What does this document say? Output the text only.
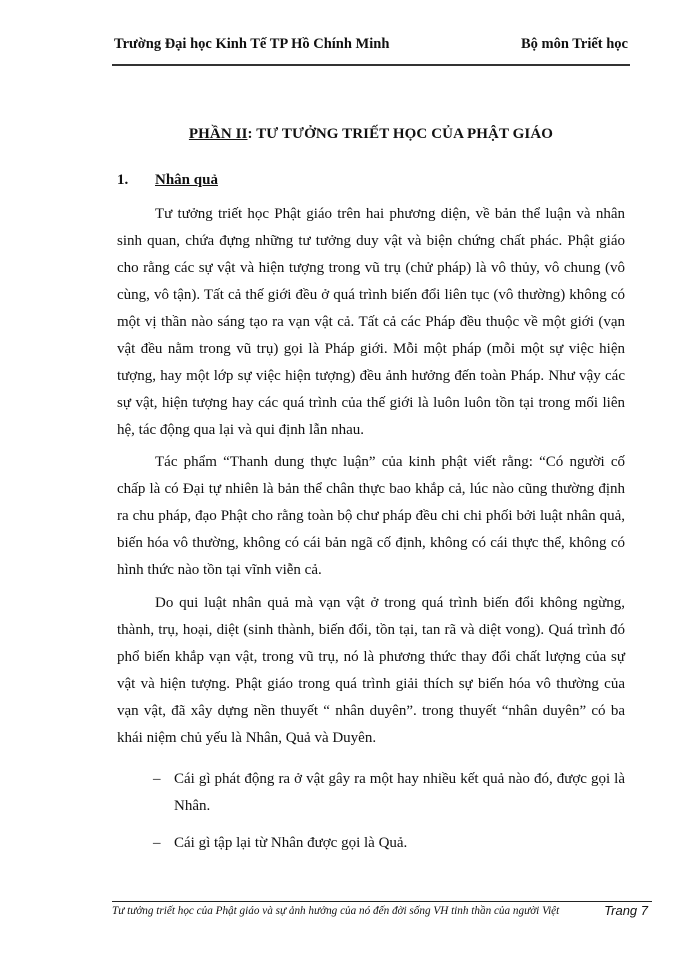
Trường Đại học Kinh Tế TP Hồ Chính Minh	Bộ môn Triết học
PHẦN II: TƯ TƯỞNG TRIẾT HỌC CỦA PHẬT GIÁO
1. Nhân quả
Tư tưởng triết học Phật giáo trên hai phương diện, về bản thể luận và nhân sinh quan, chứa đựng những tư tưởng duy vật và biện chứng chất phác. Phật giáo cho rằng các sự vật và hiện tượng trong vũ trụ (chử pháp) là vô thủy, vô chung (vô cùng, vô tận). Tất cả thế giới đều ở quá trình biến đổi liên tục (vô thường) không có một vị thần nào sáng tạo ra vạn vật cả. Tất cả các Pháp đều thuộc về một giới (vạn vật đều nằm trong vũ trụ) gọi là Pháp giới. Mỗi một pháp (mỗi một sự việc hiện tượng, hay một lớp sự việc hiện tượng) đều ảnh hưởng đến toàn Pháp. Như vậy các sự vật, hiện tượng hay các quá trình của thế giới là luôn luôn tồn tại trong mối liên hệ, tác động qua lại và qui định lẫn nhau.
Tác phẩm “Thanh dung thực luận” của kinh phật viết rằng: “Có người cố chấp là có Đại tự nhiên là bản thể chân thực bao khắp cả, lúc nào cũng thường định ra chu pháp, đạo Phật cho rằng toàn bộ chư pháp đều chi chi phối bởi luật nhân quả, biến hóa vô thường, không có cái bản ngã cố định, không có cái thực thể, không có hình thức nào tồn tại vĩnh viễn cả.
Do qui luật nhân quả mà vạn vật ở trong quá trình biến đổi không ngừng, thành, trụ, hoại, diệt (sinh thành, biến đổi, tồn tại, tan rã và diệt vong). Quá trình đó phổ biến khắp vạn vật, trong vũ trụ, nó là phương thức thay đổi chất lượng của sự vật và hiện tượng. Phật giáo trong quá trình giải thích sự biến hóa vô thường của vạn vật, đã xây dựng nền thuyết “ nhân duyên”. trong thuyết “nhân duyên” có ba khái niệm chủ yếu là Nhân, Quả và Duyên.
– Cái gì phát động ra ở vật gây ra một hay nhiều kết quả nào đó, được gọi là Nhân.
– Cái gì tập lại từ Nhân được gọi là Quả.
Tư tưởng triết học của Phật giáo và sự ảnh hưởng của nó đến đời sống VH tinh thần của người Việt	Trang 7
